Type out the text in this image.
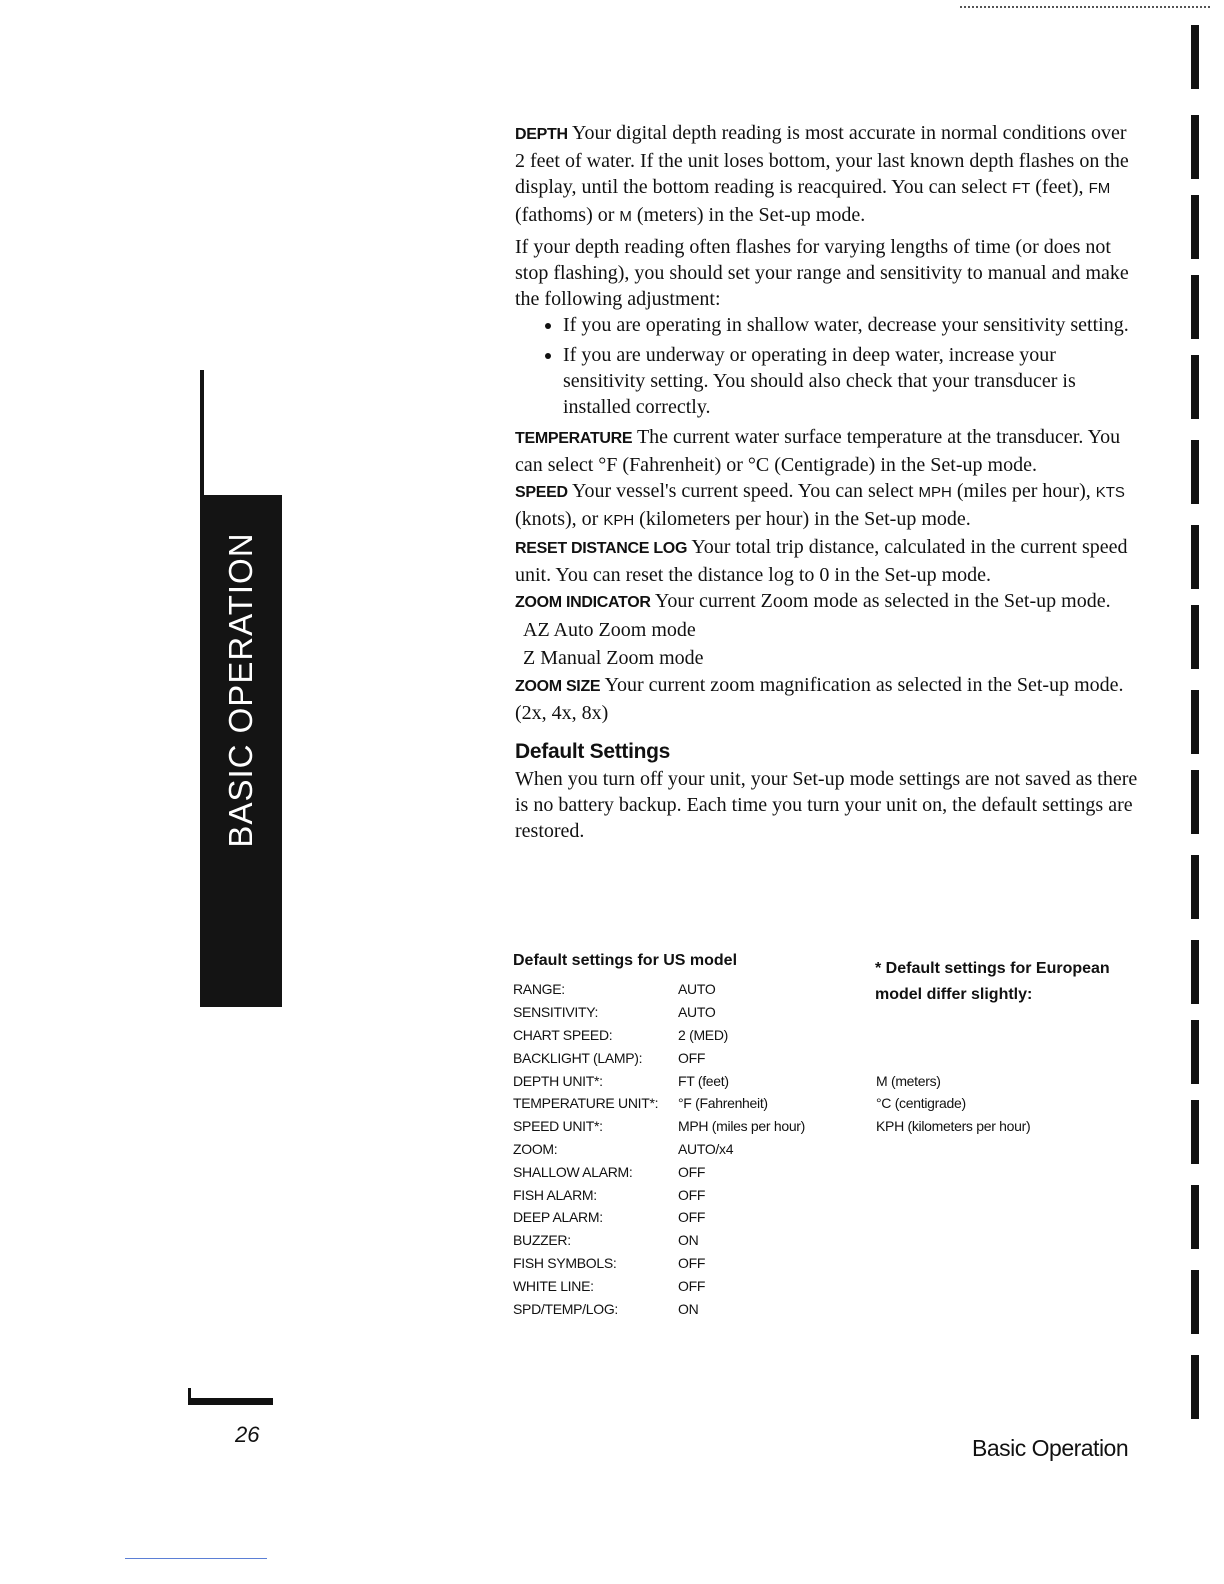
BASIC OPERATION

DEPTH Your digital depth reading is most accurate in normal conditions over 2 feet of water. If the unit loses bottom, your last known depth flashes on the display, until the bottom reading is reacquired. You can select FT (feet), FM (fathoms) or M (meters) in the Set-up mode.

If your depth reading often flashes for varying lengths of time (or does not stop flashing), you should set your range and sensitivity to manual and make the following adjustment:

• If you are operating in shallow water, decrease your sensitivity setting.
• If you are underway or operating in deep water, increase your sensitivity setting. You should also check that your transducer is installed correctly.

TEMPERATURE The current water surface temperature at the transducer. You can select °F (Fahrenheit) or °C (Centigrade) in the Set-up mode.

SPEED Your vessel's current speed. You can select MPH (miles per hour), KTS (knots), or KPH (kilometers per hour) in the Set-up mode.

RESET DISTANCE LOG Your total trip distance, calculated in the current speed unit. You can reset the distance log to 0 in the Set-up mode.

ZOOM INDICATOR Your current Zoom mode as selected in the Set-up mode.

AZ Auto Zoom mode
Z Manual Zoom mode

ZOOM SIZE Your current zoom magnification as selected in the Set-up mode. (2x, 4x, 8x)

Default Settings

When you turn off your unit, your Set-up mode settings are not saved as there is no battery backup. Each time you turn your unit on, the default settings are restored.

Default settings for US model	* Default settings for European model differ slightly:
RANGE:	AUTO	
SENSITIVITY:	AUTO	
CHART SPEED:	2 (MED)	
BACKLIGHT (LAMP):	OFF	
DEPTH UNIT*:	FT (feet)	M (meters)
TEMPERATURE UNIT*:	°F (Fahrenheit)	°C (centigrade)
SPEED UNIT*:	MPH (miles per hour)	KPH (kilometers per hour)
ZOOM:	AUTO/x4	
SHALLOW ALARM:	OFF	
FISH ALARM:	OFF	
DEEP ALARM:	OFF	
BUZZER:	ON	
FISH SYMBOLS:	OFF	
WHITE LINE:	OFF	
SPD/TEMP/LOG:	ON	
26
Basic Operation
